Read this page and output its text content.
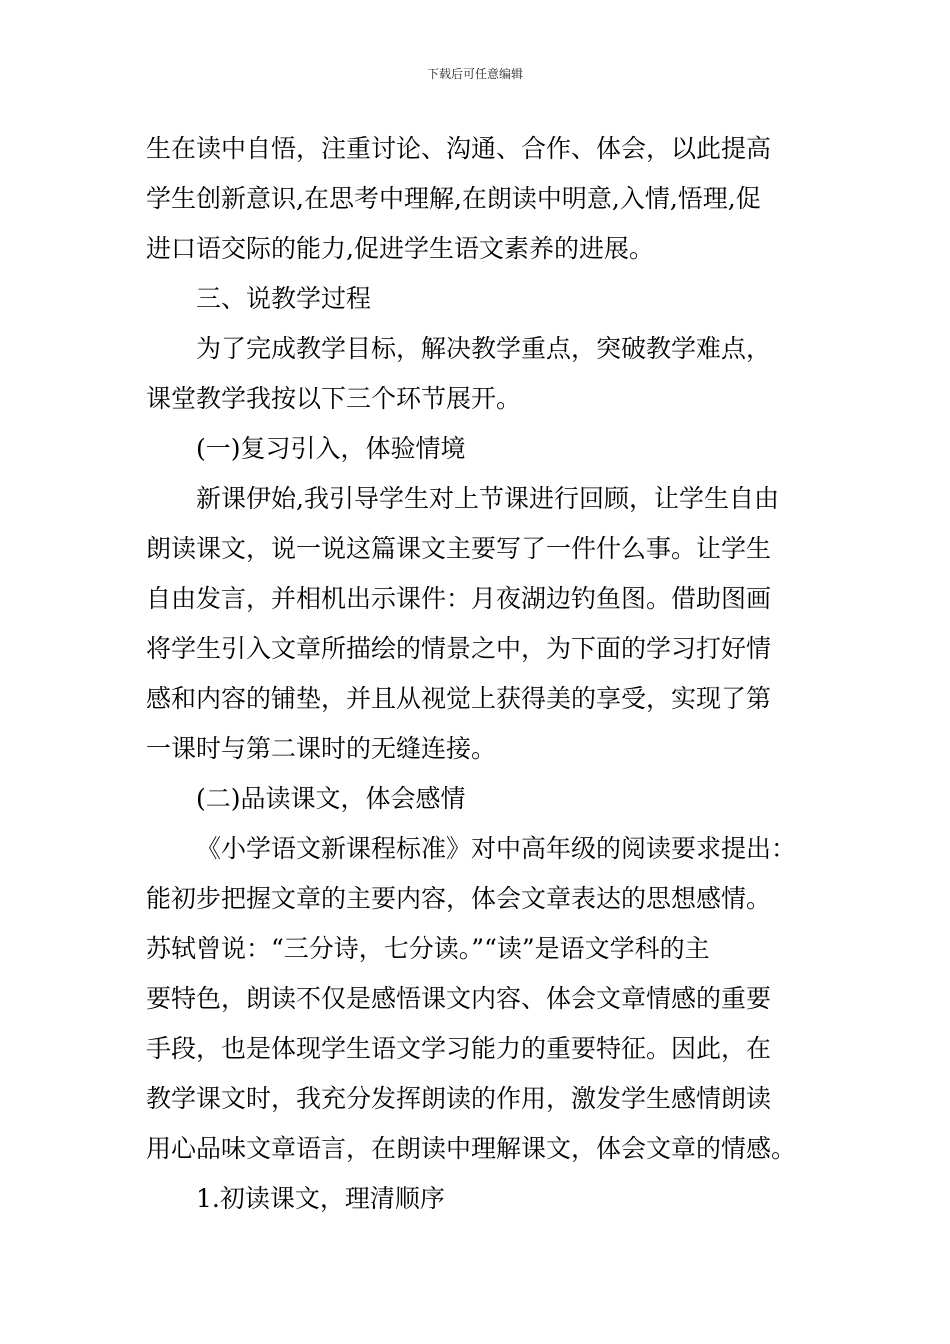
下载后可任意编辑

生在读中自悟，注重讨论、沟通、合作、体会，以此提高

学生创新意识,在思考中理解,在朗读中明意,入情,悟理,促

进口语交际的能力,促进学生语文素养的进展。

三、说教学过程

为了完成教学目标，解决教学重点，突破教学难点，

课堂教学我按以下三个环节展开。

(一)复习引入，体验情境

新课伊始,我引导学生对上节课进行回顾，让学生自由

朗读课文，说一说这篇课文主要写了一件什么事。让学生

自由发言，并相机出示课件：月夜湖边钓鱼图。借助图画

将学生引入文章所描绘的情景之中，为下面的学习打好情

感和内容的铺垫，并且从视觉上获得美的享受，实现了第

一课时与第二课时的无缝连接。

(二)品读课文，体会感情

《小学语文新课程标准》对中高年级的阅读要求提出：

能初步把握文章的主要内容，体会文章表达的思想感情。

苏轼曾说：“三分诗，七分读。”“读”是语文学科的主

要特色，朗读不仅是感悟课文内容、体会文章情感的重要

手段，也是体现学生语文学习能力的重要特征。因此，在

教学课文时，我充分发挥朗读的作用，激发学生感情朗读

用心品味文章语言，在朗读中理解课文，体会文章的情感。

1.初读课文，理清顺序
